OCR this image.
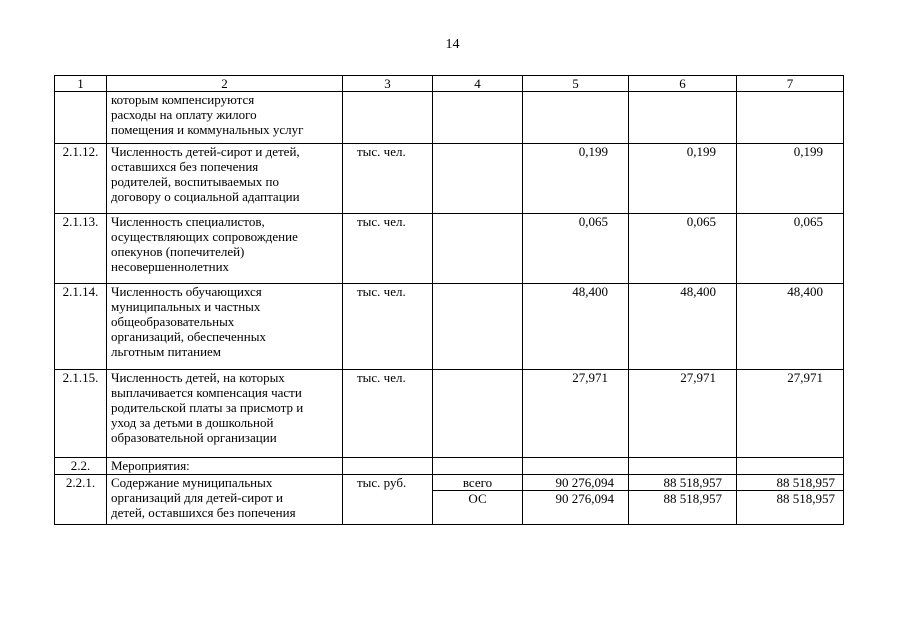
14
1	2	3	4	5	6	7
	которым компенсируются
расходы на оплату жилого
помещения и коммунальных услуг					
2.1.12.	Численность детей-сирот и детей,
оставшихся без попечения
родителей, воспитываемых по
договору о социальной адаптации	тыс. чел.		0,199	0,199	0,199
2.1.13.	Численность специалистов,
осуществляющих сопровождение
опекунов (попечителей)
несовершеннолетних	тыс. чел.		0,065	0,065	0,065
2.1.14.	Численность обучающихся
муниципальных и частных
общеобразовательных
организаций, обеспеченных
льготным питанием	тыс. чел.		48,400	48,400	48,400
2.1.15.	Численность детей, на которых
выплачивается компенсация части
родительской платы за присмотр и
уход за детьми в дошкольной
образовательной организации	тыс. чел.		27,971	27,971	27,971
2.2.	Мероприятия:					
2.2.1.	Содержание муниципальных
организаций для детей-сирот и
детей, оставшихся без попечения	тыс. руб.	всего	90 276,094	88 518,957	88 518,957
			ОС	90 276,094	88 518,957	88 518,957
